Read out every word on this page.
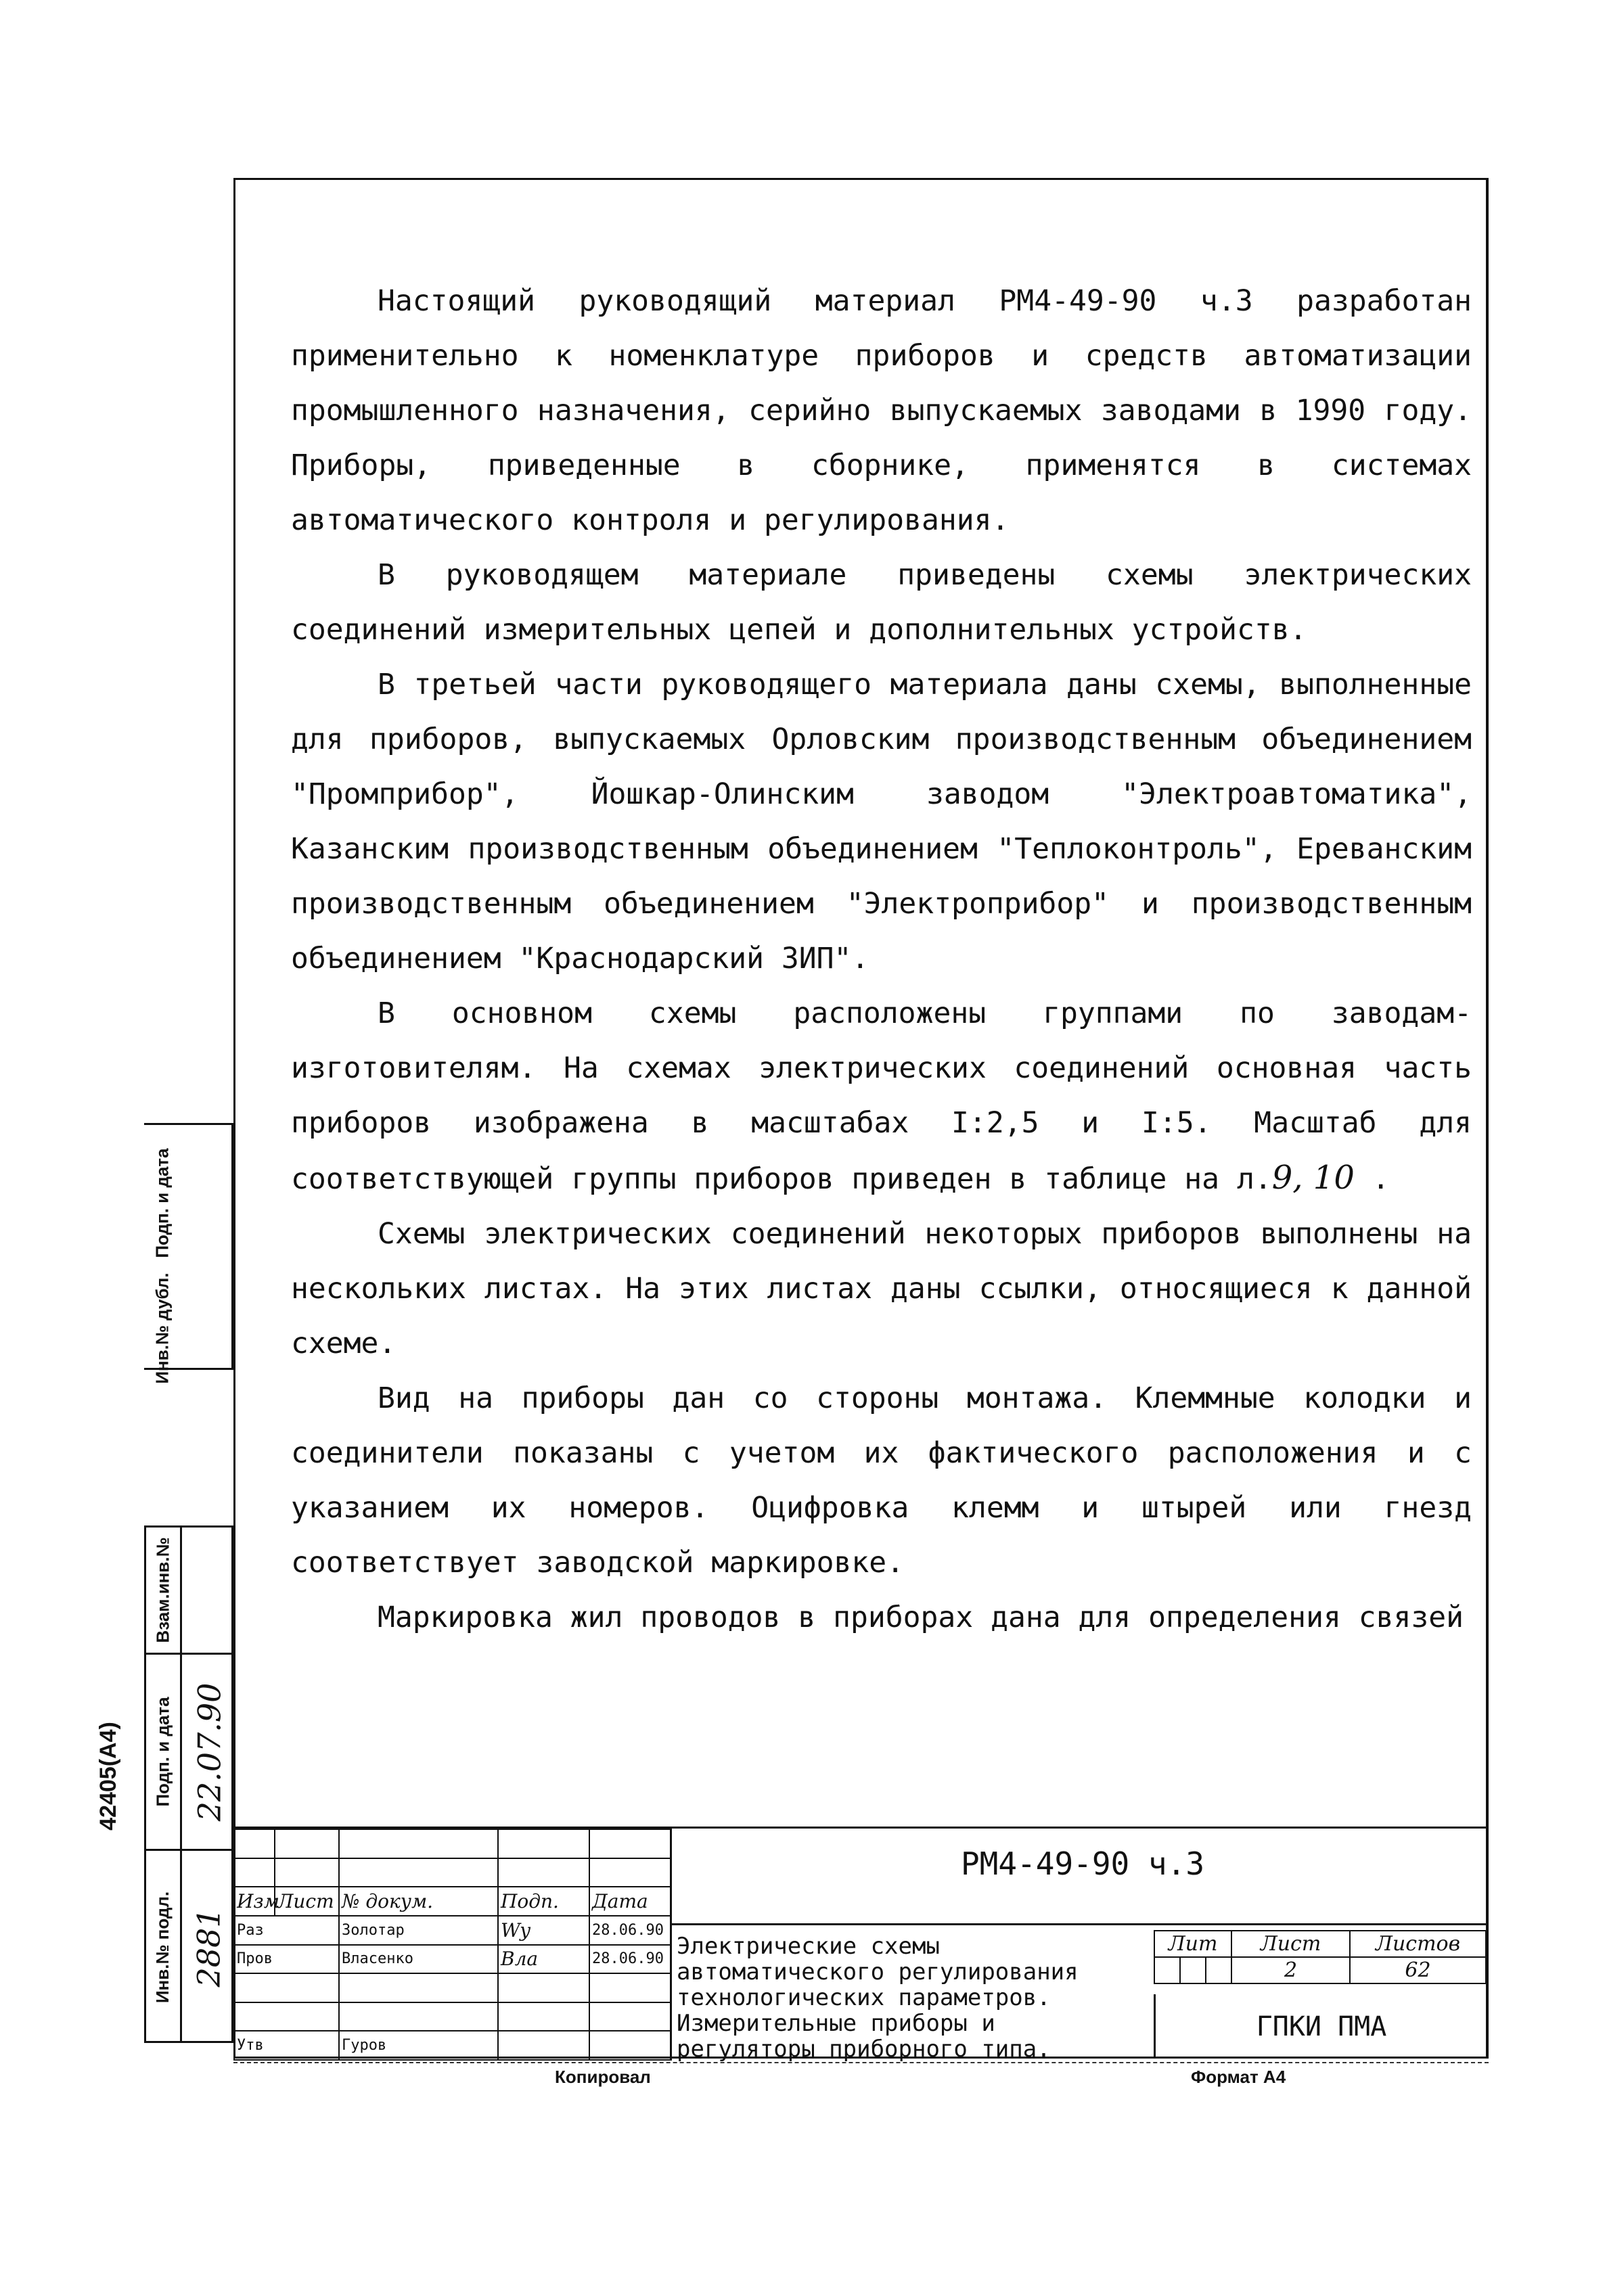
Настоящий руководящий материал РМ4-49-90 ч.3 разработан применительно к номенклатуре приборов и средств автоматизации промышленного назначения, серийно выпускаемых заводами в 1990 году. Приборы, приведенные в сборнике, применятся в системах автоматического контроля и регулирования.

В руководящем материале приведены схемы электрических соединений измерительных цепей и дополнительных устройств.

В третьей части руководящего материала даны схемы, выполненные для приборов, выпускаемых Орловским производственным объединением "Промприбор", Йошкар-Олинским заводом "Электроавтоматика", Казанским производственным объединением "Теплоконтроль", Ереванским производственным объединением "Электроприбор" и производственным объединением "Краснодарский ЗИП".

В основном схемы расположены группами по заводам-изготовителям. На схемах электрических соединений основная часть приборов изображена в масштабах I:2,5 и I:5. Масштаб для соответствующей группы приборов приведен в таблице на л.9, 10 .

Схемы электрических соединений некоторых приборов выполнены на нескольких листах. На этих листах даны ссылки, относящиеся к данной схеме.

Вид на приборы дан со стороны монтажа. Клеммные колодки и соединители показаны с учетом их фактического расположения и с указанием их номеров. Оцифровка клемм и штырей или гнезд соответствует заводской маркировке.

Маркировка жил проводов в приборах дана для определения связей

Изм	Лист	№ докум.	Подп.	Дата
Раз		Золотар	Wy	28.06.90
Пров		Власенко	Вла	28.06.90

Утв		Гуров		
РМ4-49-90 ч.3
Электрические схемы автоматического регулирования технологических параметров. Измерительные приборы и регуляторы приборного типа.
Лит			Лист	Листов
			2	62
ГПКИ ПМА
Подп. и дата
Инв.№ дубл.
Взам.инв.№
Подп. и дата
Инв.№ подл.
22.07.90
2881
42405(А4)
Копировал	Формат А4
